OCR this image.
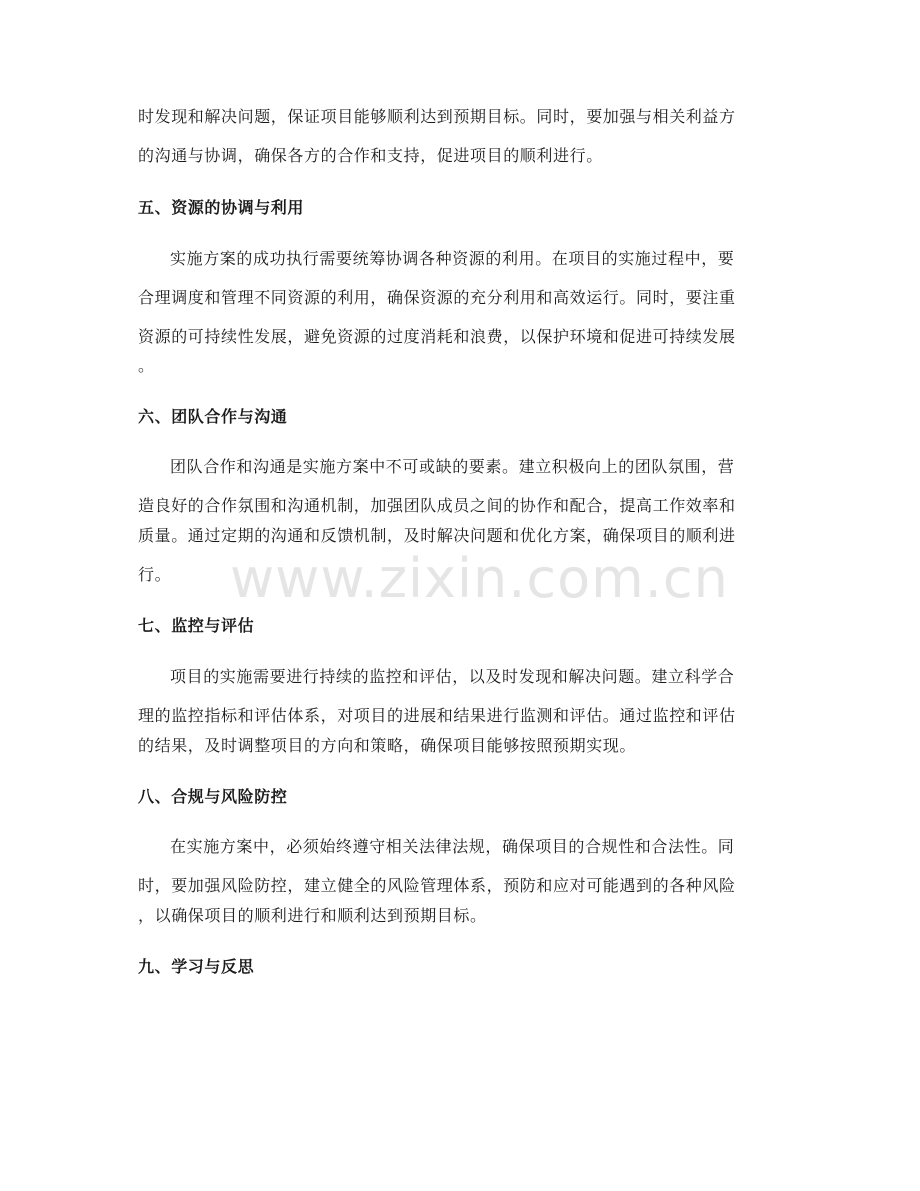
时发现和解决问题，保证项目能够顺利达到预期目标。同时，要加强与相关利益方
的沟通与协调，确保各方的合作和支持，促进项目的顺利进行。
五、资源的协调与利用
实施方案的成功执行需要统筹协调各种资源的利用。在项目的实施过程中，要
合理调度和管理不同资源的利用，确保资源的充分利用和高效运行。同时，要注重
资源的可持续性发展，避免资源的过度消耗和浪费，以保护环境和促进可持续发展
。
六、团队合作与沟通
团队合作和沟通是实施方案中不可或缺的要素。建立积极向上的团队氛围，营
造良好的合作氛围和沟通机制，加强团队成员之间的协作和配合，提高工作效率和
质量。通过定期的沟通和反馈机制，及时解决问题和优化方案，确保项目的顺利进
行。
七、监控与评估
项目的实施需要进行持续的监控和评估，以及时发现和解决问题。建立科学合
理的监控指标和评估体系，对项目的进展和结果进行监测和评估。通过监控和评估
的结果，及时调整项目的方向和策略，确保项目能够按照预期实现。
八、合规与风险防控
在实施方案中，必须始终遵守相关法律法规，确保项目的合规性和合法性。同
时，要加强风险防控，建立健全的风险管理体系，预防和应对可能遇到的各种风险
，以确保项目的顺利进行和顺利达到预期目标。
九、学习与反思
www.zixin.com.cn
